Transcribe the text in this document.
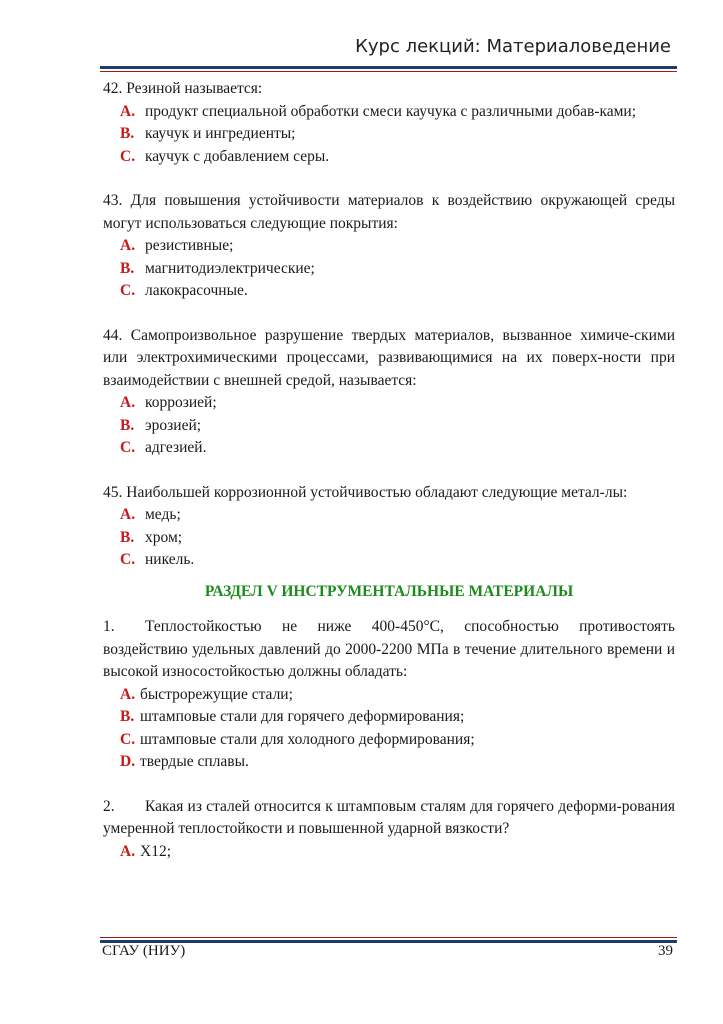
Курс лекций: Материаловедение

42. Резиной называется:

A. продукт специальной обработки смеси каучука с различными добав-ками;
B. каучук и ингредиенты;
C. каучук с добавлением серы.

43. Для повышения устойчивости материалов к воздействию окружающей среды могут использоваться следующие покрытия:

A. резистивные;
B. магнитодиэлектрические;
C. лакокрасочные.

44. Самопроизвольное разрушение твердых материалов, вызванное химиче-скими или электрохимическими процессами, развивающимися на их поверх-ности при взаимодействии с внешней средой, называется:

A. коррозией;
B. эрозией;
C. адгезией.

45. Наибольшей коррозионной устойчивостью обладают следующие метал-лы:

A. медь;
B. хром;
C. никель.

РАЗДЕЛ V ИНСТРУМЕНТАЛЬНЫЕ МАТЕРИАЛЫ

1. Теплостойкостью не ниже 400-450°С, способностью противостоять воздействию удельных давлений до 2000-2200 МПа в течение длительного времени и высокой износостойкостью должны обладать:

A. быстрорежущие стали;
B. штамповые стали для горячего деформирования;
C. штамповые стали для холодного деформирования;
D. твердые сплавы.

2. Какая из сталей относится к штамповым сталям для горячего деформи-рования умеренной теплостойкости и повышенной ударной вязкости?

A. Х12;
СГАУ (НИУ)	39
